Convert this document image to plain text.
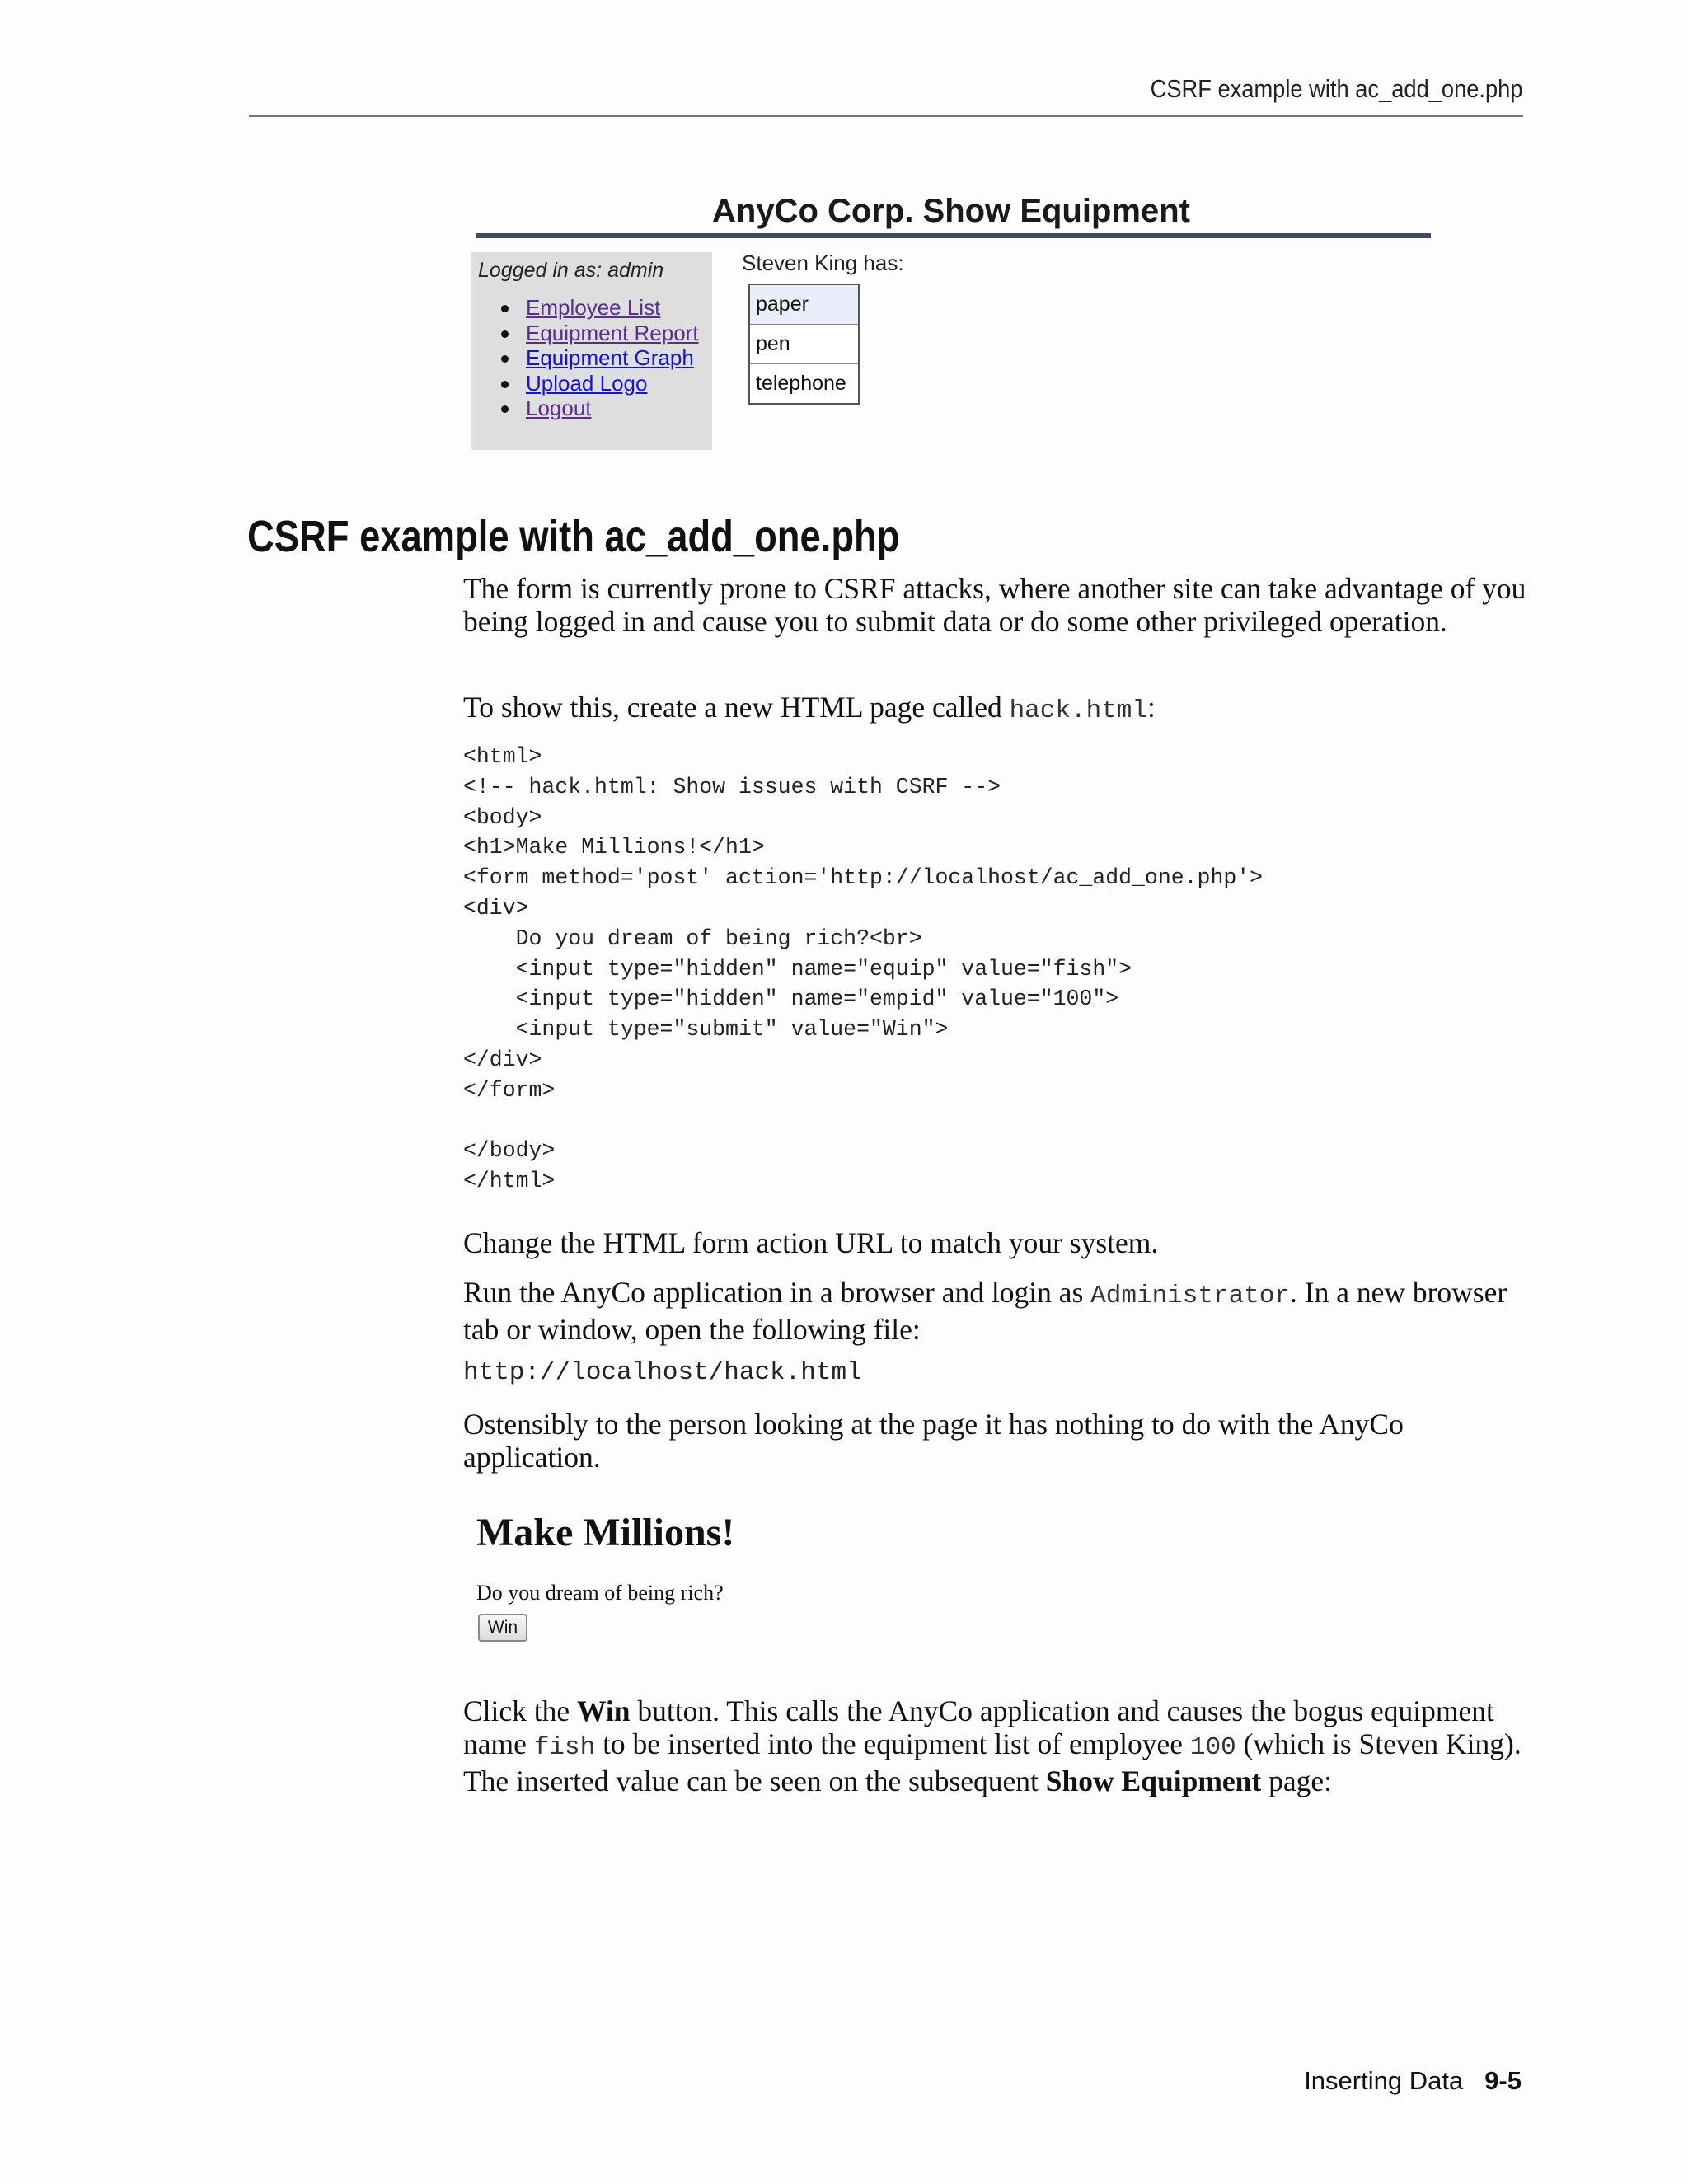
CSRF example with ac_add_one.php
AnyCo Corp. Show Equipment
Logged in as: admin
Employee List
Equipment Report
Equipment Graph
Upload Logo
Logout
Steven King has:
paper
pen
telephone
CSRF example with ac_add_one.php

The form is currently prone to CSRF attacks, where another site can take advantage of you being logged in and cause you to submit data or do some other privileged operation.

To show this, create a new HTML page called hack.html:

<html>
<!-- hack.html: Show issues with CSRF -->
<body>
<h1>Make Millions!</h1>
<form method='post' action='http://localhost/ac_add_one.php'>
<div>
Do you dream of being rich?<br>
<input type="hidden" name="equip" value="fish">
<input type="hidden" name="empid" value="100">
<input type="submit" value="Win">
</div>
</form>

</body>
</html>

Change the HTML form action URL to match your system.

Run the AnyCo application in a browser and login as Administrator. In a new browser tab or window, open the following file:

http://localhost/hack.html

Ostensibly to the person looking at the page it has nothing to do with the AnyCo application.

Make Millions!
Do you dream of being rich?
Win

Click the Win button. This calls the AnyCo application and causes the bogus equipment name fish to be inserted into the equipment list of employee 100 (which is Steven King). The inserted value can be seen on the subsequent Show Equipment page:

Inserting Data 9-5
